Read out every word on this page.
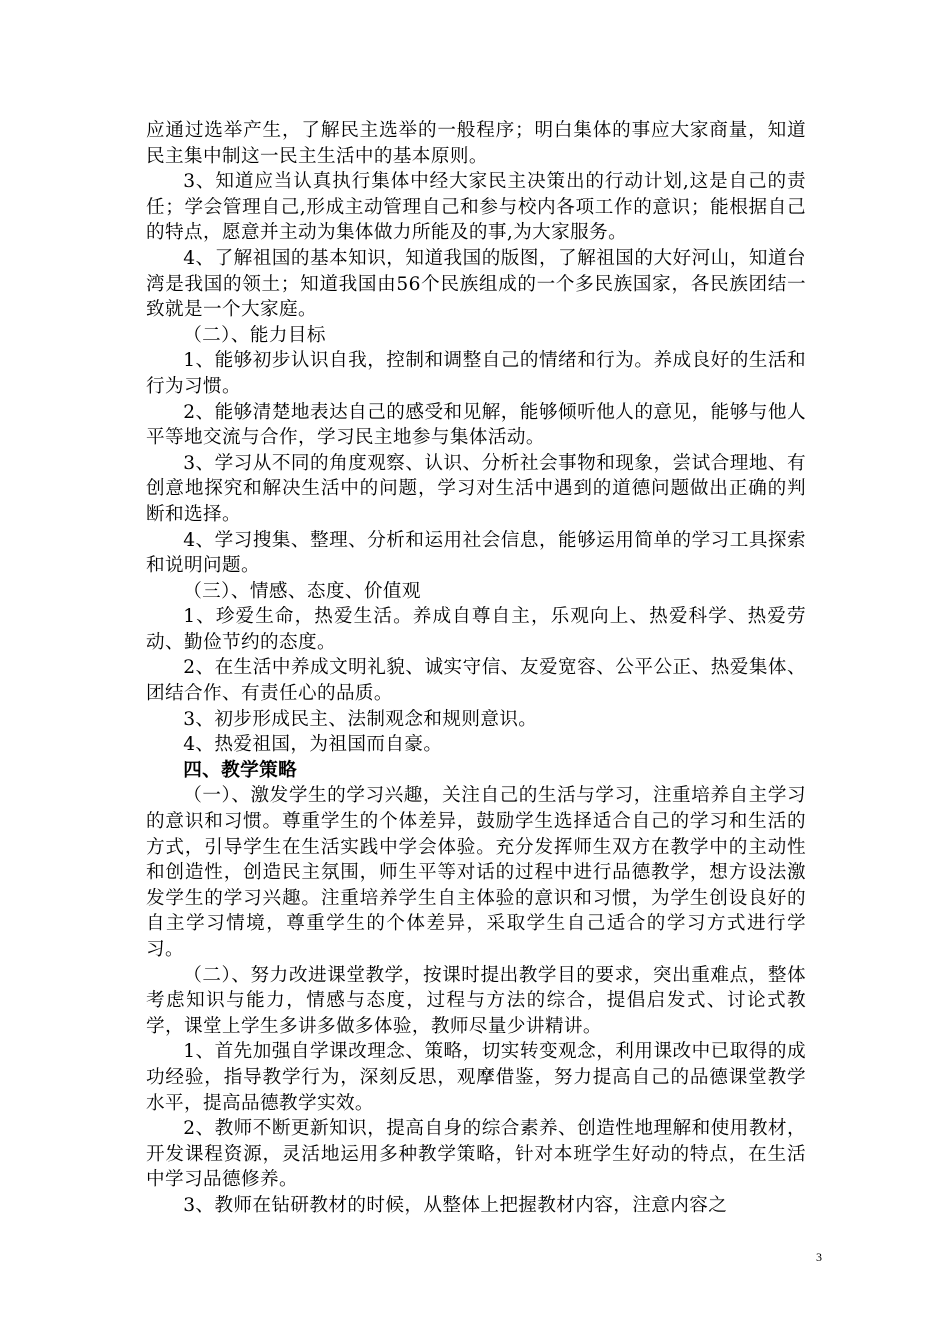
应通过选举产生，了解民主选举的一般程序；明白集体的事应大家商量，知道民主集中制这一民主生活中的基本原则。

3、知道应当认真执行集体中经大家民主决策出的行动计划,这是自己的责任；学会管理自己,形成主动管理自己和参与校内各项工作的意识；能根据自己的特点，愿意并主动为集体做力所能及的事,为大家服务。

4、了解祖国的基本知识，知道我国的版图，了解祖国的大好河山，知道台湾是我国的领土；知道我国由56个民族组成的一个多民族国家，各民族团结一致就是一个大家庭。

（二）、能力目标

1、能够初步认识自我，控制和调整自己的情绪和行为。养成良好的生活和行为习惯。

2、能够清楚地表达自己的感受和见解，能够倾听他人的意见，能够与他人平等地交流与合作，学习民主地参与集体活动。

3、学习从不同的角度观察、认识、分析社会事物和现象，尝试合理地、有创意地探究和解决生活中的问题，学习对生活中遇到的道德问题做出正确的判断和选择。

4、学习搜集、整理、分析和运用社会信息，能够运用简单的学习工具探索和说明问题。

（三）、情感、态度、价值观

1、珍爱生命，热爱生活。养成自尊自主，乐观向上、热爱科学、热爱劳动、勤俭节约的态度。

2、在生活中养成文明礼貌、诚实守信、友爱宽容、公平公正、热爱集体、团结合作、有责任心的品质。

3、初步形成民主、法制观念和规则意识。

4、热爱祖国，为祖国而自豪。

四、教学策略

（一）、激发学生的学习兴趣，关注自己的生活与学习，注重培养自主学习的意识和习惯。尊重学生的个体差异，鼓励学生选择适合自己的学习和生活的方式，引导学生在生活实践中学会体验。充分发挥师生双方在教学中的主动性和创造性，创造民主氛围，师生平等对话的过程中进行品德教学，想方设法激发学生的学习兴趣。注重培养学生自主体验的意识和习惯，为学生创设良好的自主学习情境，尊重学生的个体差异，采取学生自己适合的学习方式进行学习。

（二）、努力改进课堂教学，按课时提出教学目的要求，突出重难点，整体考虑知识与能力，情感与态度，过程与方法的综合，提倡启发式、讨论式教学，课堂上学生多讲多做多体验，教师尽量少讲精讲。

1、首先加强自学课改理念、策略，切实转变观念，利用课改中已取得的成功经验，指导教学行为，深刻反思，观摩借鉴，努力提高自己的品德课堂教学水平，提高品德教学实效。

2、教师不断更新知识，提高自身的综合素养、创造性地理解和使用教材，开发课程资源，灵活地运用多种教学策略，针对本班学生好动的特点，在生活中学习品德修养。

3、教师在钻研教材的时候，从整体上把握教材内容，注意内容之

3
